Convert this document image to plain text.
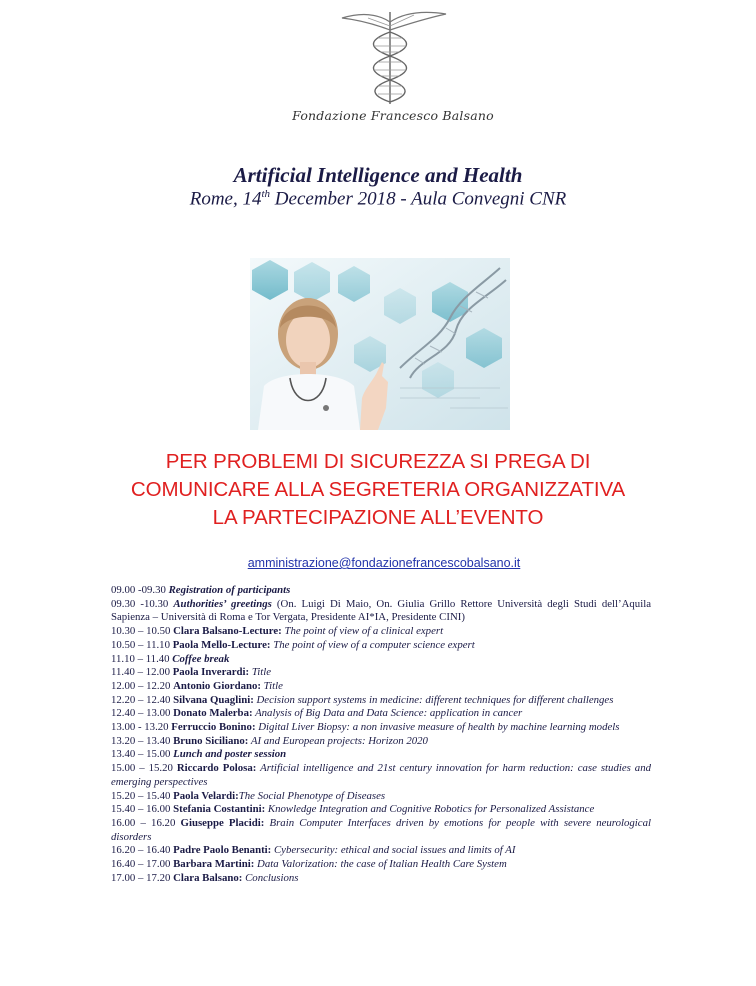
Fondazione Francesco Balsano
Artificial Intelligence and Health
Rome, 14th December 2018 - Aula Convegni CNR
PER PROBLEMI DI SICUREZZA SI PREGA DI
COMUNICARE ALLA SEGRETERIA ORGANIZZATIVA
LA PARTECIPAZIONE ALL’EVENTO
amministrazione@fondazionefrancescobalsano.it
09.00 -09.30 Registration of participants
09.30 -10.30 Authorities’ greetings (On. Luigi Di Maio, On. Giulia Grillo Rettore Università degli Studi dell’Aquila Sapienza – Università di Roma e Tor Vergata, Presidente AI*IA, Presidente CINI)
10.30 – 10.50 Clara Balsano-Lecture: The point of view of a clinical expert
10.50 – 11.10 Paola Mello-Lecture: The point of view of a computer science expert
11.10 – 11.40 Coffee break
11.40 – 12.00 Paola Inverardi: Title
12.00 – 12.20 Antonio Giordano: Title
12.20 – 12.40 Silvana Quaglini: Decision support systems in medicine: different techniques for different challenges
12.40 – 13.00 Donato Malerba: Analysis of Big Data and Data Science: application in cancer
13.00 - 13.20 Ferruccio Bonino: Digital Liver Biopsy: a non invasive measure of health by machine learning models
13.20 – 13.40 Bruno Siciliano: AI and European projects: Horizon 2020
13.40 – 15.00 Lunch and poster session
15.00 – 15.20 Riccardo Polosa: Artificial intelligence and 21st century innovation for harm reduction: case studies and emerging perspectives
15.20 – 15.40 Paola Velardi:The Social Phenotype of Diseases
15.40 – 16.00 Stefania Costantini: Knowledge Integration and Cognitive Robotics for Personalized Assistance
16.00 – 16.20 Giuseppe Placidi: Brain Computer Interfaces driven by emotions for people with severe neurological disorders
16.20 – 16.40 Padre Paolo Benanti: Cybersecurity: ethical and social issues and limits of AI
16.40 – 17.00 Barbara Martini: Data Valorization: the case of Italian Health Care System
17.00 – 17.20 Clara Balsano: Conclusions
